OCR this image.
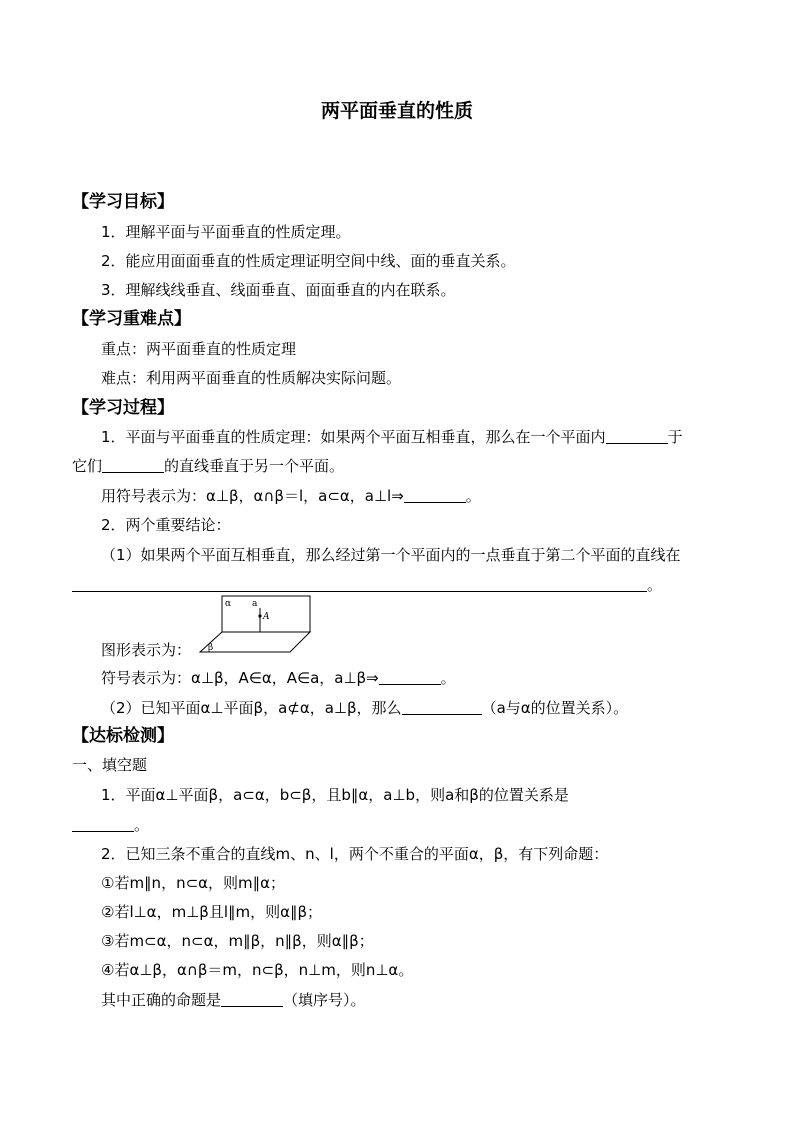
两平面垂直的性质
【学习目标】
1．理解平面与平面垂直的性质定理。
2．能应用面面垂直的性质定理证明空间中线、面的垂直关系。
3．理解线线垂直、线面垂直、面面垂直的内在联系。
【学习重难点】
重点：两平面垂直的性质定理
难点：利用两平面垂直的性质解决实际问题。
【学习过程】
1．平面与平面垂直的性质定理：如果两个平面互相垂直，那么在一个平面内	于
它们	的直线垂直于另一个平面。
用符号表示为：α⊥β，α∩β＝l，a⊂α，a⊥l⇒	。
2．两个重要结论：
（1）如果两个平面互相垂直，那么经过第一个平面内的一点垂直于第二个平面的直线在
。
α a
A
β
图形表示为：
符号表示为：α⊥β，A∈α，A∈a，a⊥β⇒	。
（2）已知平面α⊥平面β，a⊄α，a⊥β，那么	（a与α的位置关系）。
【达标检测】
一、填空题
1．平面α⊥平面β，a⊂α，b⊂β，且b∥α，a⊥b，则a和β的位置关系是
。
2．已知三条不重合的直线m、n、l，两个不重合的平面α，β，有下列命题：
①若m∥n，n⊂α，则m∥α；
②若l⊥α，m⊥β且l∥m，则α∥β；
③若m⊂α，n⊂α，m∥β，n∥β，则α∥β；
④若α⊥β，α∩β＝m，n⊂β，n⊥m，则n⊥α。
其中正确的命题是	（填序号）。
